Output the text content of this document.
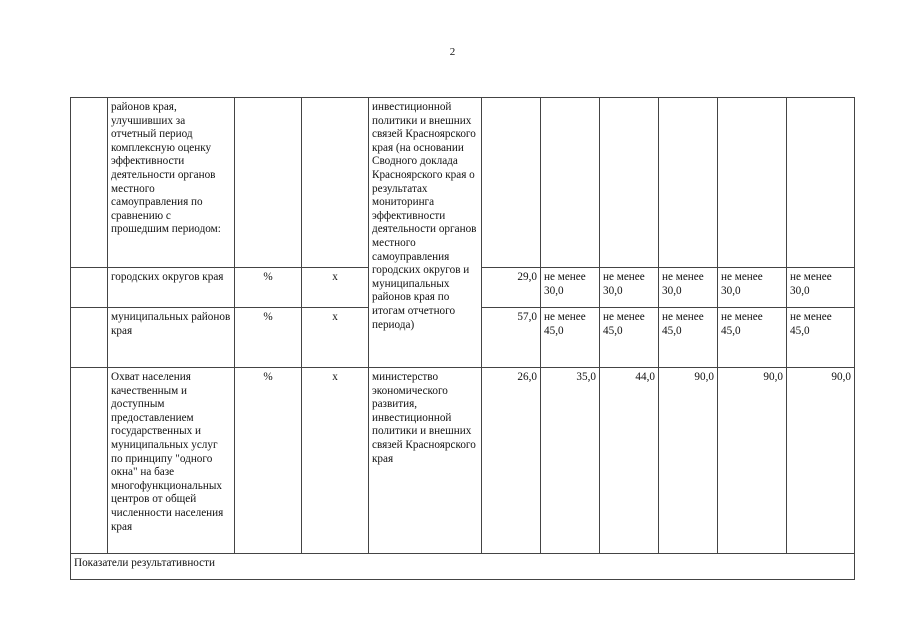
2
	районов края, улучшивших за отчетный период комплексную оценку эффективности деятельности органов местного самоуправления по сравнению с прошедшим периодом:			инвестиционной политики и внешних связей Красноярского края (на основании Сводного доклада Красноярского края о результатах мониторинга эффективности деятельности органов местного самоуправления городских округов и муниципальных районов края по итогам отчетного периода)						
	городских округов края	%	х		29,0	не менее 30,0	не менее 30,0	не менее 30,0	не менее 30,0	не менее 30,0
	муниципальных районов края	%	х		57,0	не менее 45,0	не менее 45,0	не менее 45,0	не менее 45,0	не менее 45,0
	Охват населения качественным и доступным предоставлением государственных и муниципальных услуг по принципу "одного окна" на базе многофункциональных центров от общей численности населения края	%	х	министерство экономического развития, инвестиционной политики и внешних связей Красноярского края	26,0	35,0	44,0	90,0	90,0	90,0
Показатели результативности										
